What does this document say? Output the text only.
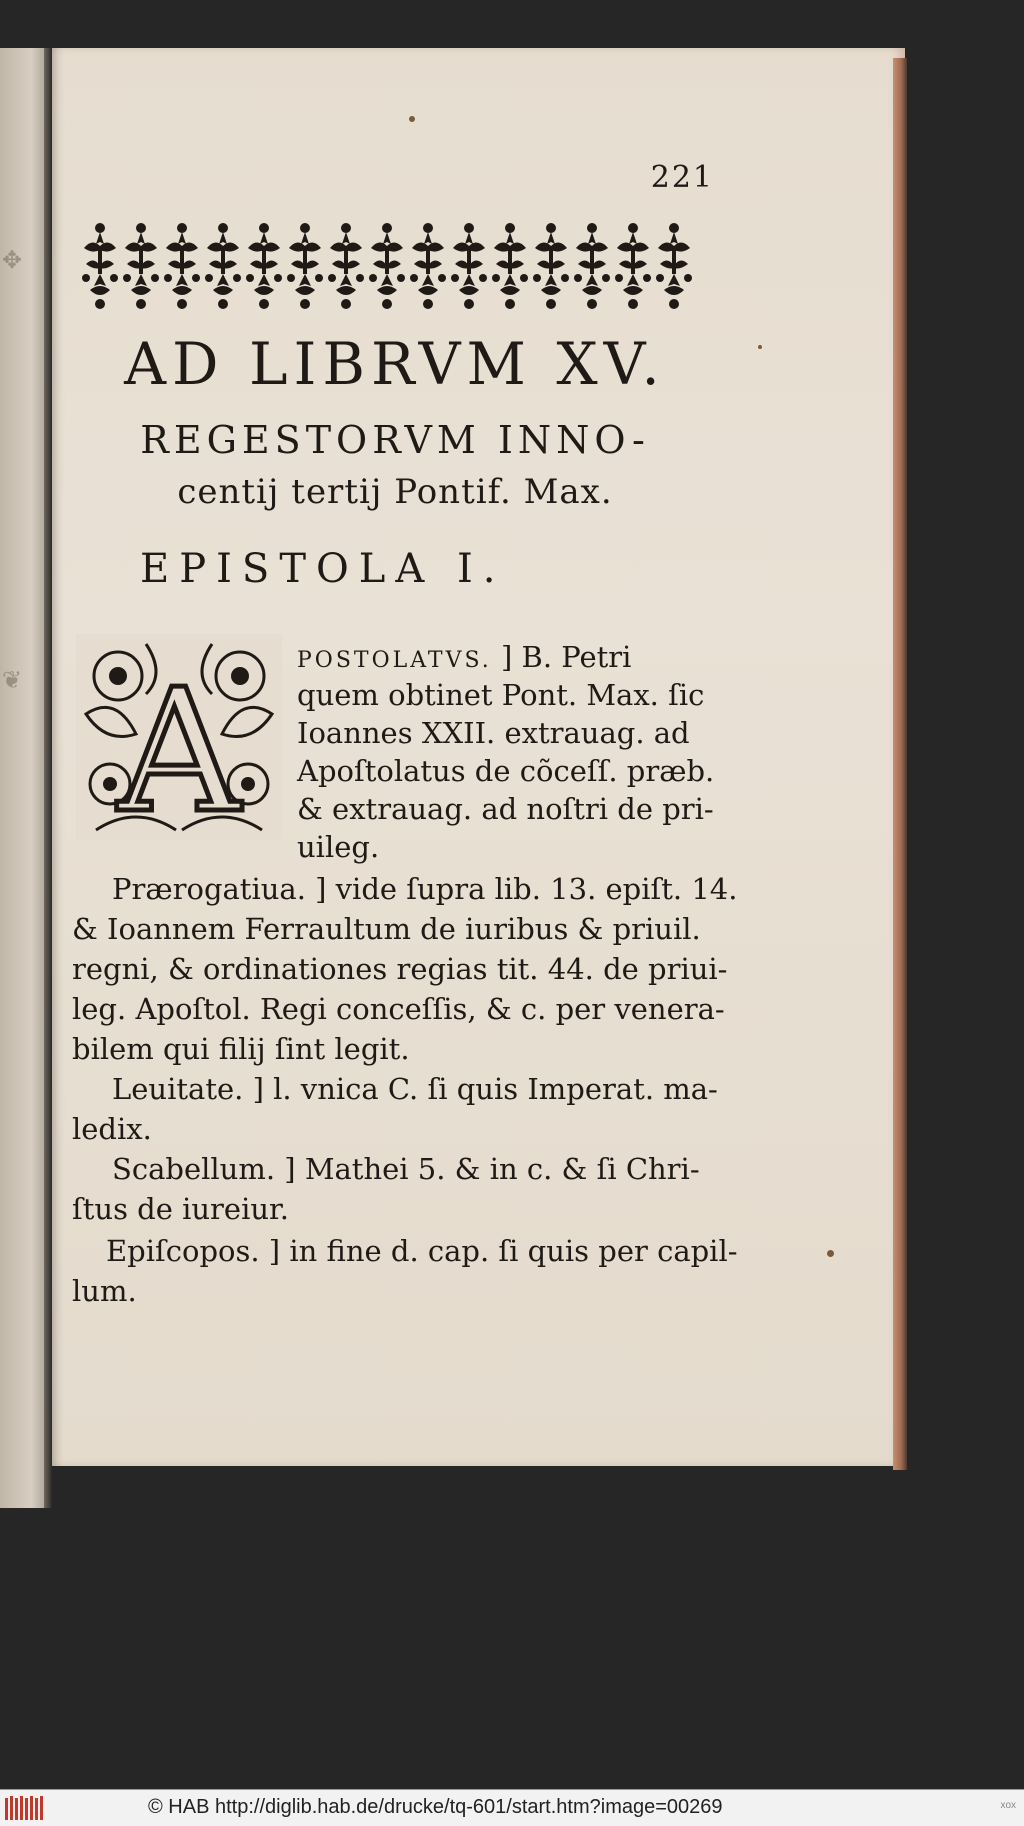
✥
❦
221
AD LIBRVM XV.
REGESTORVM INNO-
centij tertij Pontif. Max.
EPISTOLA I.
A	POSTOLATVS. ] B. Petri
quem obtinet Pont. Max. ſic
Ioannes XXII. extrauag. ad
Apoſtolatus de cõceſſ. præb.
& extrauag. ad noſtri de pri-
uileg.
Prærogatiua. ] vide ſupra lib. 13. epiſt. 14.
& Ioannem Ferraultum de iuribus & priuil.
regni, & ordinationes regias tit. 44. de priui-
leg. Apoſtol. Regi conceſſis, & c. per venera-
bilem qui filij ſint legit.
Leuitate. ] l. vnica C. ſi quis Imperat. ma-
ledix.
Scabellum. ] Mathei 5. & in c. & ſi Chri-
ſtus de iureiur.
Epiſcopos. ] in fine d. cap. ſi quis per capil-
lum.
© HAB http://diglib.hab.de/drucke/tq-601/start.htm?image=00269	xox
